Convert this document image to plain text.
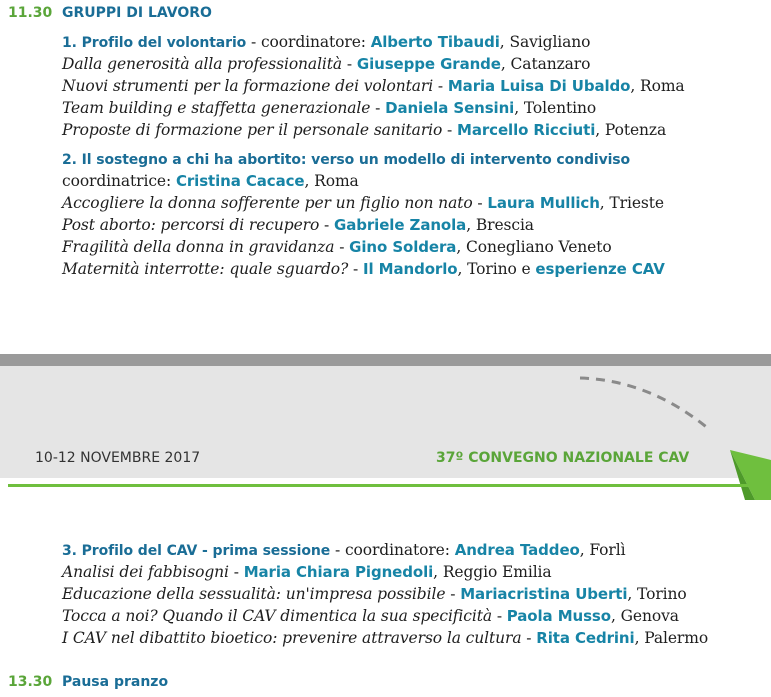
11.30 GRUPPI DI LAVORO
1. Profilo del volontario - coordinatore: Alberto Tibaudi, Savigliano
Dalla generosità alla professionalità - Giuseppe Grande, Catanzaro
Nuovi strumenti per la formazione dei volontari - Maria Luisa Di Ubaldo, Roma
Team building e staffetta generazionale - Daniela Sensini, Tolentino
Proposte di formazione per il personale sanitario - Marcello Ricciuti, Potenza
2. Il sostegno a chi ha abortito: verso un modello di intervento condiviso
coordinatrice: Cristina Cacace, Roma
Accogliere la donna sofferente per un figlio non nato - Laura Mullich, Trieste
Post aborto: percorsi di recupero - Gabriele Zanola, Brescia
Fragilità della donna in gravidanza - Gino Soldera, Conegliano Veneto
Maternità interrotte: quale sguardo? - Il Mandorlo, Torino e esperienze CAV
10-12 NOVEMBRE 2017	37º CONVEGNO NAZIONALE CAV
3. Profilo del CAV - prima sessione - coordinatore: Andrea Taddeo, Forlì
Analisi dei fabbisogni - Maria Chiara Pignedoli, Reggio Emilia
Educazione della sessualità: un'impresa possibile - Mariacristina Uberti, Torino
Tocca a noi? Quando il CAV dimentica la sua specificità - Paola Musso, Genova
I CAV nel dibattito bioetico: prevenire attraverso la cultura - Rita Cedrini, Palermo
13.30 Pausa pranzo
